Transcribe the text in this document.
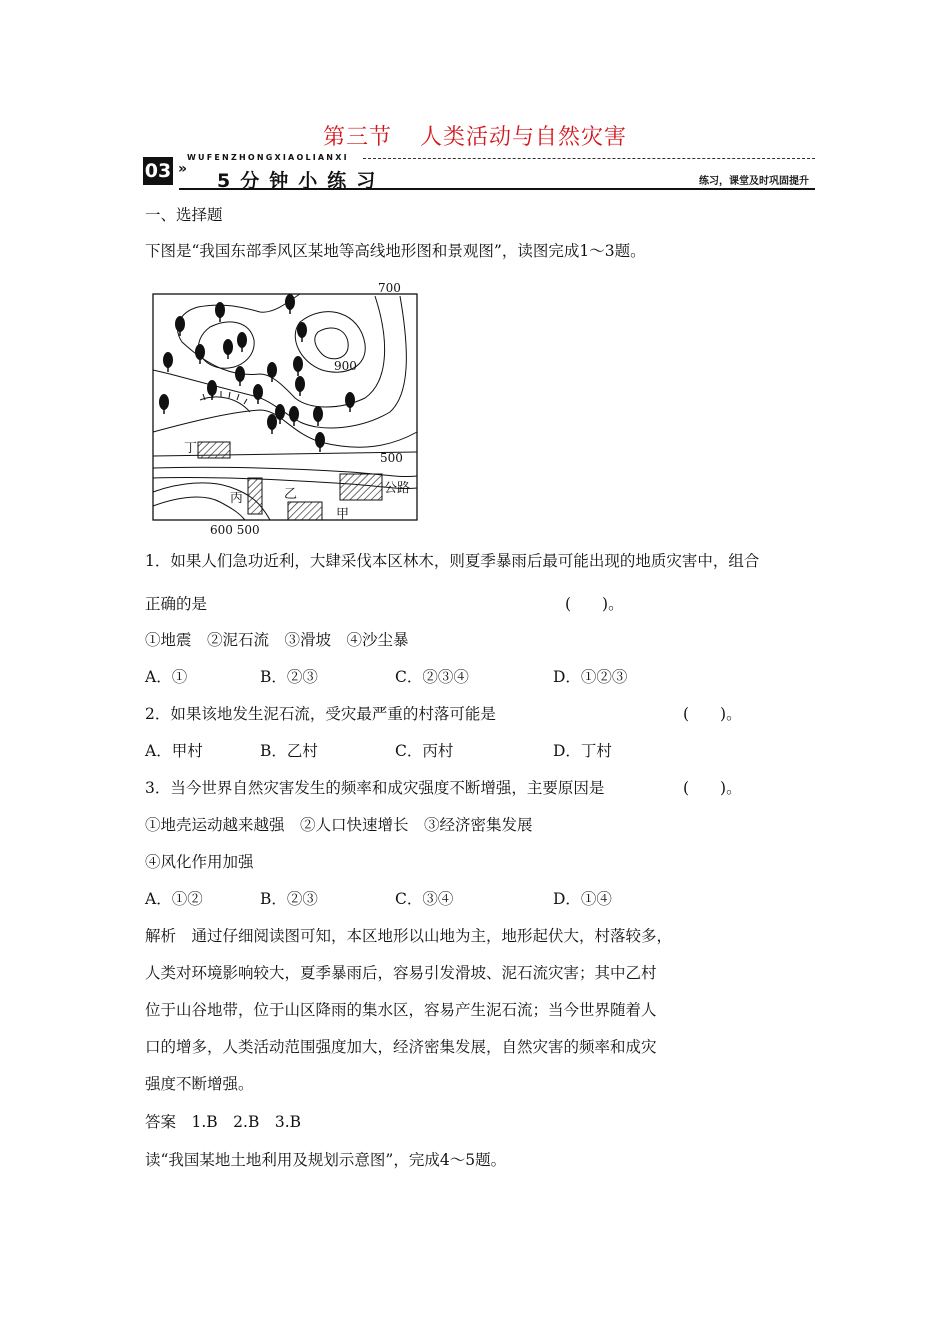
第三节 人类活动与自然灾害
03 »
WUFENZHONGXIAOLIANXI
5分钟小练习	练习，课堂及时巩固提升
一、选择题
下图是“我国东部季风区某地等高线地形图和景观图”，读图完成1～3题。
700
900
500
600 500
丁
丙	乙
甲
公路
1．如果人们急功近利，大肆采伐本区林木，则夏季暴雨后最可能出现的地质灾害中，组合
正确的是	(　　)。
①地震　②泥石流　③滑坡　④沙尘暴
A．①	B．②③	C．②③④	D．①②③
2．如果该地发生泥石流，受灾最严重的村落可能是	(　　)。
A．甲村	B．乙村	C．丙村	D．丁村
3．当今世界自然灾害发生的频率和成灾强度不断增强，主要原因是	(　　)。
①地壳运动越来越强　②人口快速增长　③经济密集发展
④风化作用加强
A．①②	B．②③	C．③④	D．①④
解析　通过仔细阅读图可知，本区地形以山地为主，地形起伏大，村落较多，
人类对环境影响较大，夏季暴雨后，容易引发滑坡、泥石流灾害；其中乙村
位于山谷地带，位于山区降雨的集水区，容易产生泥石流；当今世界随着人
口的增多，人类活动范围强度加大，经济密集发展，自然灾害的频率和成灾
强度不断增强。
答案　1.B　2.B　3.B
读“我国某地土地利用及规划示意图”，完成4～5题。
